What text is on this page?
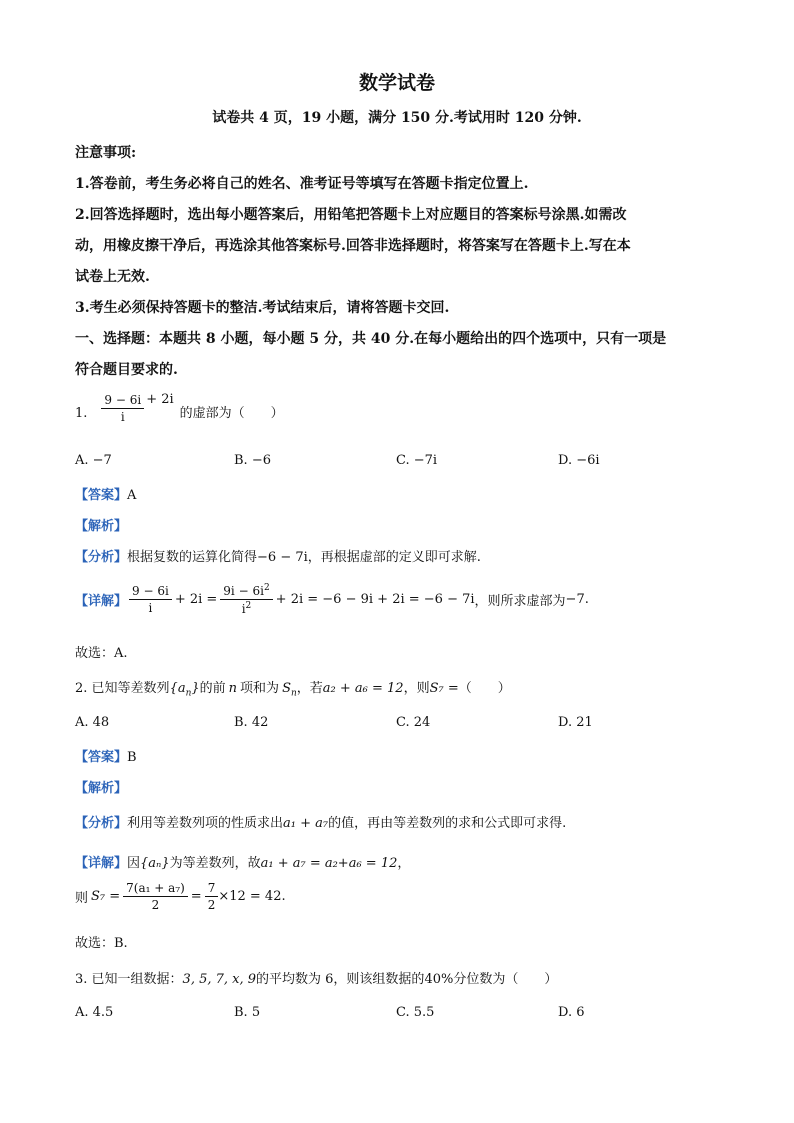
数学试卷
试卷共 4 页，19 小题，满分 150 分.考试用时 120 分钟.
注意事项:
1.答卷前，考生务必将自己的姓名、准考证号等填写在答题卡指定位置上.
2.回答选择题时，选出每小题答案后，用铅笔把答题卡上对应题目的答案标号涂黑.如需改
动，用橡皮擦干净后，再选涂其他答案标号.回答非选择题时，将答案写在答题卡上.写在本
试卷上无效.
3.考生必须保持答题卡的整洁.考试结束后，请将答题卡交回.
一、选择题：本题共 8 小题，每小题 5 分，共 40 分.在每小题给出的四个选项中，只有一项是
符合题目要求的.
1. $\frac{9 - 6i}{i} + 2i$
的虚部为（　　）
A. −7	B. −6	C. −7i	D. −6i
【答案】A
【解析】
【分析】根据复数的运算化简得−6 − 7i，再根据虚部的定义即可求解.
【详解】 $\frac{9 - 6i}{i} + 2i = \frac{9i - 6i^2}{i^2} + 2i = -6 - 9i + 2i = -6 - 7i$ ，则所求虚部为 −7 .
故选：A.
2. 已知等差数列$\{a_n\}$的前 n 项和为 $S_n$，若a₂ + a₆ = 12，则S₇ =（　　）
A. 48	B. 42	C. 24	D. 21
【答案】B
【解析】
【分析】利用等差数列项的性质求出a₁ + a₇的值，再由等差数列的求和公式即可求得.
【详解】因{aₙ}为等差数列，故a₁ + a₇ = a₂+a₆ = 12，
则 $S_7 = \frac{\text{7(a₁ + a₇)}}{2} = \frac{7}{2} \times 12 = 42$ .
故选：B.
3. 已知一组数据：3, 5, 7, x, 9的平均数为 6，则该组数据的40%分位数为（　　）
A. 4.5	B. 5	C. 5.5	D. 6
